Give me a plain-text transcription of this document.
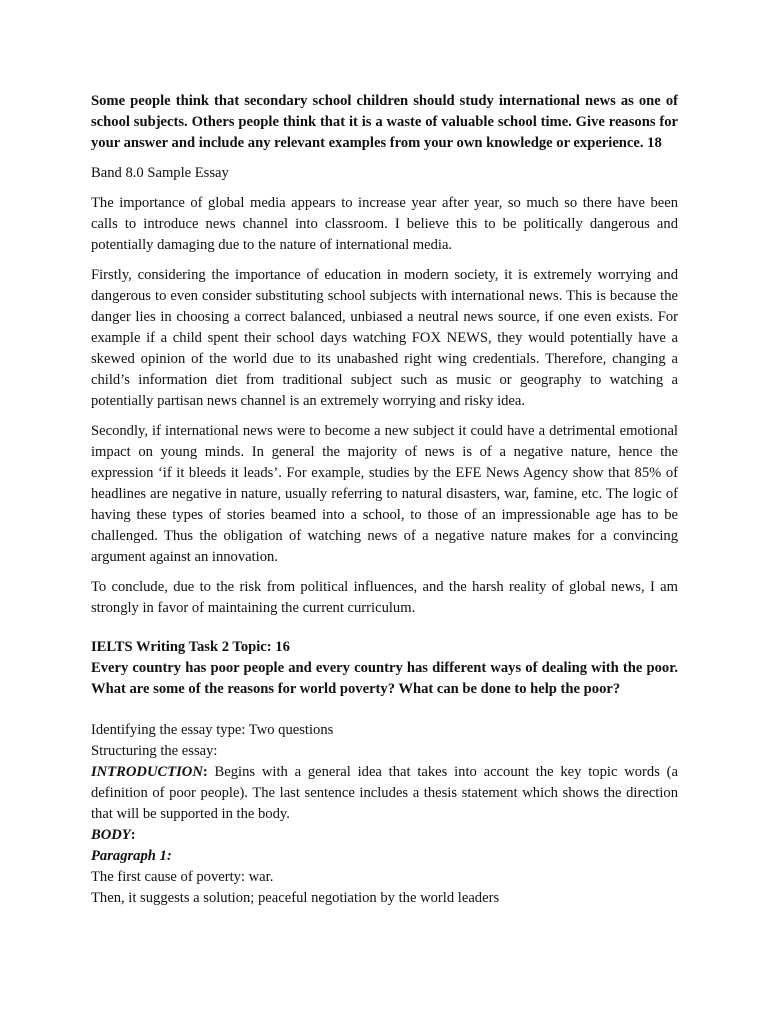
Some people think that secondary school children should study international news as one of school subjects. Others people think that it is a waste of valuable school time. Give reasons for your answer and include any relevant examples from your own knowledge or experience. 18

Band 8.0 Sample Essay

The importance of global media appears to increase year after year, so much so there have been calls to introduce news channel into classroom. I believe this to be politically dangerous and potentially damaging due to the nature of international media.

Firstly, considering the importance of education in modern society, it is extremely worrying and dangerous to even consider substituting school subjects with international news. This is because the danger lies in choosing a correct balanced, unbiased a neutral news source, if one even exists. For example if a child spent their school days watching FOX NEWS, they would potentially have a skewed opinion of the world due to its unabashed right wing credentials. Therefore, changing a child’s information diet from traditional subject such as music or geography to watching a potentially partisan news channel is an extremely worrying and risky idea.

Secondly, if international news were to become a new subject it could have a detrimental emotional impact on young minds. In general the majority of news is of a negative nature, hence the expression ‘if it bleeds it leads’. For example, studies by the EFE News Agency show that 85% of headlines are negative in nature, usually referring to natural disasters, war, famine, etc. The logic of having these types of stories beamed into a school, to those of an impressionable age has to be challenged. Thus the obligation of watching news of a negative nature makes for a convincing argument against an innovation.

To conclude, due to the risk from political influences, and the harsh reality of global news, I am strongly in favor of maintaining the current curriculum.

IELTS Writing Task 2 Topic: 16

Every country has poor people and every country has different ways of dealing with the poor. What are some of the reasons for world poverty? What can be done to help the poor?

Identifying the essay type: Two questions

Structuring the essay:

INTRODUCTION: Begins with a general idea that takes into account the key topic words (a definition of poor people). The last sentence includes a thesis statement which shows the direction that will be supported in the body.

BODY:

Paragraph 1:

The first cause of poverty: war.

Then, it suggests a solution; peaceful negotiation by the world leaders
